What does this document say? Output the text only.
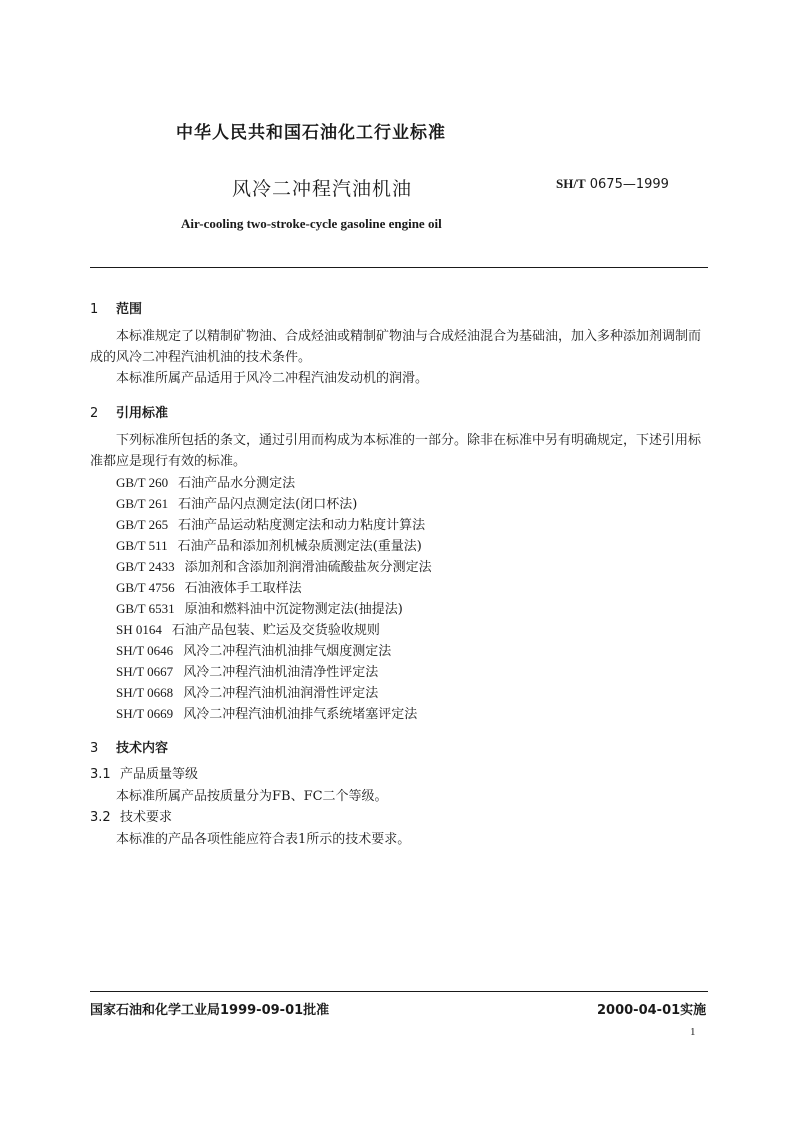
中华人民共和国石油化工行业标准
风冷二冲程汽油机油	SH/T 0675—1999
Air-cooling two-stroke-cycle gasoline engine oil
1 范围
本标准规定了以精制矿物油、合成烃油或精制矿物油与合成烃油混合为基础油，加入多种添加剂调制而成的风冷二冲程汽油机油的技术条件。
本标准所属产品适用于风冷二冲程汽油发动机的润滑。
2 引用标准
下列标准所包括的条文，通过引用而构成为本标准的一部分。除非在标准中另有明确规定，下述引用标准都应是现行有效的标准。
GB/T 260 石油产品水分测定法
GB/T 261 石油产品闪点测定法(闭口杯法)
GB/T 265 石油产品运动粘度测定法和动力粘度计算法
GB/T 511 石油产品和添加剂机械杂质测定法(重量法)
GB/T 2433 添加剂和含添加剂润滑油硫酸盐灰分测定法
GB/T 4756 石油液体手工取样法
GB/T 6531 原油和燃料油中沉淀物测定法(抽提法)
SH 0164 石油产品包装、贮运及交货验收规则
SH/T 0646 风冷二冲程汽油机油排气烟度测定法
SH/T 0667 风冷二冲程汽油机油清净性评定法
SH/T 0668 风冷二冲程汽油机油润滑性评定法
SH/T 0669 风冷二冲程汽油机油排气系统堵塞评定法
3 技术内容
3.1 产品质量等级
本标准所属产品按质量分为FB、FC二个等级。
3.2 技术要求
本标准的产品各项性能应符合表1所示的技术要求。
国家石油和化学工业局1999-09-01批准	2000-04-01实施
1
